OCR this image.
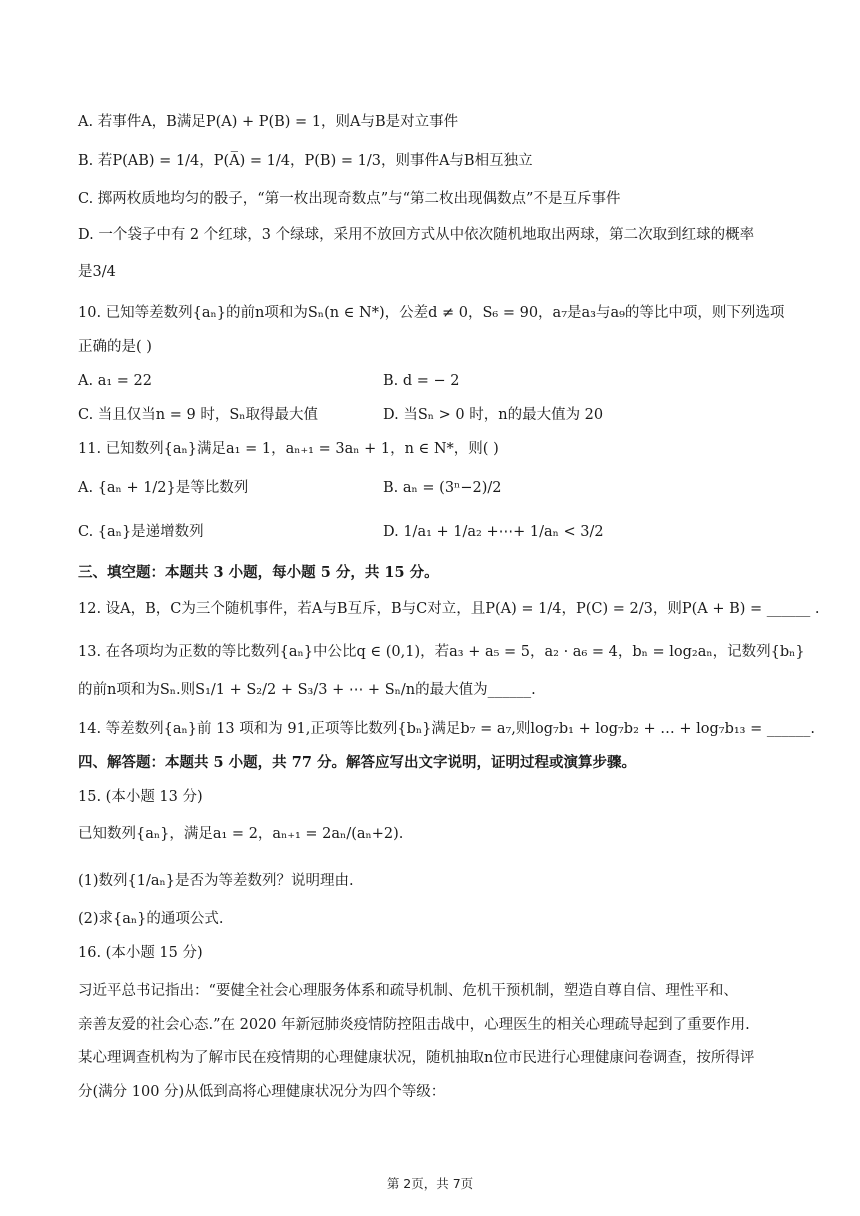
A. 若事件A，B满足P(A) + P(B) = 1，则A与B是对立事件
B. 若P(AB) = 1/4，P(A̅) = 1/4，P(B) = 1/3，则事件A与B相互独立
C. 掷两枚质地均匀的骰子，“第一枚出现奇数点”与“第二枚出现偶数点”不是互斥事件
D. 一个袋子中有 2 个红球，3 个绿球，采用不放回方式从中依次随机地取出两球，第二次取到红球的概率
是3/4
10. 已知等差数列{aₙ}的前n项和为Sₙ(n ∈ N*)，公差d ≠ 0，S₆ = 90，a₇是a₃与a₉的等比中项，则下列选项
正确的是( )
A. a₁ = 22	B. d = − 2
C. 当且仅当n = 9 时，Sₙ取得最大值	D. 当Sₙ > 0 时，n的最大值为 20
11. 已知数列{aₙ}满足a₁ = 1，aₙ₊₁ = 3aₙ + 1，n ∈ N*，则( )
A. {aₙ + 1/2}是等比数列	B. aₙ = (3ⁿ−2)/2
C. {aₙ}是递增数列	D. 1/a₁ + 1/a₂ +⋯+ 1/aₙ < 3/2
三、填空题：本题共 3 小题，每小题 5 分，共 15 分。
12. 设A，B，C为三个随机事件，若A与B互斥，B与C对立，且P(A) = 1/4，P(C) = 2/3，则P(A + B) = ______ .
13. 在各项均为正数的等比数列{aₙ}中公比q ∈ (0,1)，若a₃ + a₅ = 5，a₂ · a₆ = 4，bₙ = log₂aₙ，记数列{bₙ}
的前n项和为Sₙ.则S₁/1 + S₂/2 + S₃/3 + ⋯ + Sₙ/n的最大值为______.
14. 等差数列{aₙ}前 13 项和为 91,正项等比数列{bₙ}满足b₇ = a₇,则log₇b₁ + log₇b₂ + … + log₇b₁₃ = ______.
四、解答题：本题共 5 小题，共 77 分。解答应写出文字说明，证明过程或演算步骤。
15. (本小题 13 分)
已知数列{aₙ}，满足a₁ = 2，aₙ₊₁ = 2aₙ/(aₙ+2).
(1)数列{1/aₙ}是否为等差数列？说明理由.
(2)求{aₙ}的通项公式.
16. (本小题 15 分)
习近平总书记指出：“要健全社会心理服务体系和疏导机制、危机干预机制，塑造自尊自信、理性平和、
亲善友爱的社会心态.”在 2020 年新冠肺炎疫情防控阻击战中，心理医生的相关心理疏导起到了重要作用.
某心理调查机构为了解市民在疫情期的心理健康状况，随机抽取n位市民进行心理健康问卷调查，按所得评
分(满分 100 分)从低到高将心理健康状况分为四个等级：
第 2页，共 7页
